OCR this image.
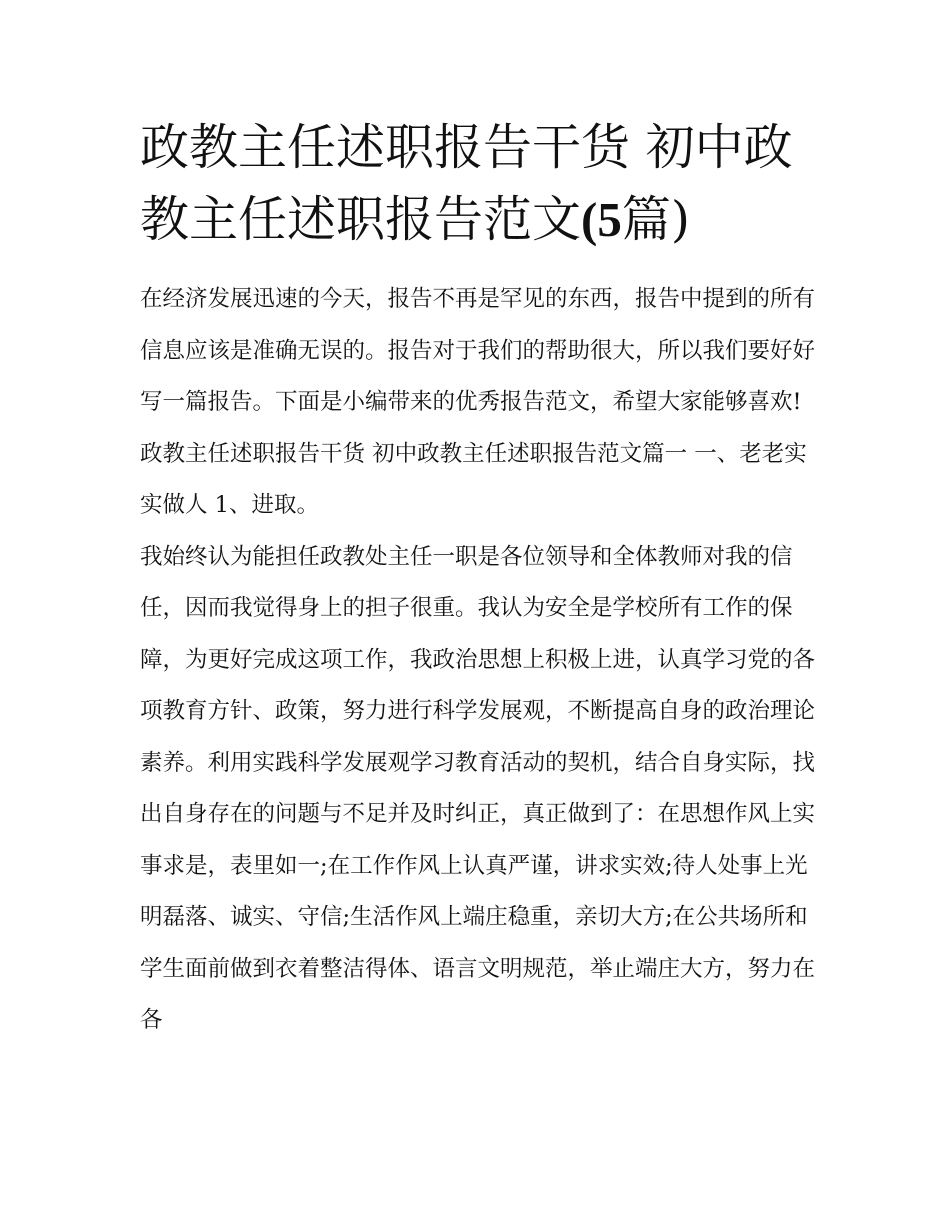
政教主任述职报告干货 初中政教主任述职报告范文(5篇)

在经济发展迅速的今天，报告不再是罕见的东西，报告中提到的所有信息应该是准确无误的。报告对于我们的帮助很大，所以我们要好好写一篇报告。下面是小编带来的优秀报告范文，希望大家能够喜欢!

政教主任述职报告干货 初中政教主任述职报告范文篇一 一、老老实实做人 1、进取。

我始终认为能担任政教处主任一职是各位领导和全体教师对我的信任，因而我觉得身上的担子很重。我认为安全是学校所有工作的保障，为更好完成这项工作，我政治思想上积极上进，认真学习党的各项教育方针、政策，努力进行科学发展观，不断提高自身的政治理论素养。利用实践科学发展观学习教育活动的契机，结合自身实际，找出自身存在的问题与不足并及时纠正，真正做到了：在思想作风上实事求是，表里如一;在工作作风上认真严谨，讲求实效;待人处事上光明磊落、诚实、守信;生活作风上端庄稳重，亲切大方;在公共场所和学生面前做到衣着整洁得体、语言文明规范，举止端庄大方，努力在各
